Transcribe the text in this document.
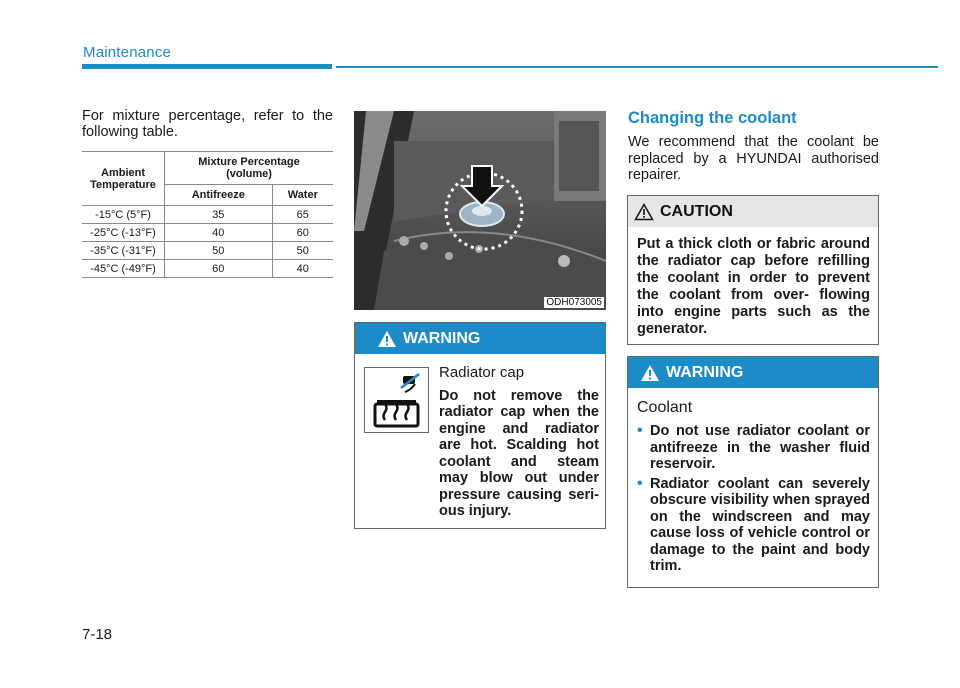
Maintenance
For mixture percentage, refer to the following table.
Ambient Temperature	Mixture Percentage (volume)	
	Antifreeze	Water
-15°C (5°F)	35	65
-25°C (-13°F)	40	60
-35°C (-31°F)	50	50
-45°C (-49°F)	60	40
ODH073005
WARNING
Radiator cap
Do not remove the radiator cap when the engine and radiator are hot. Scalding hot coolant and steam may blow out under pressure causing seri- ous injury.
Changing the coolant
We recommend that the coolant be replaced by a HYUNDAI authorised repairer.
CAUTION
Put a thick cloth or fabric around the radiator cap before refilling the coolant in order to prevent the coolant from over- flowing into engine parts such as the generator.
WARNING
Coolant
• Do not use radiator coolant or antifreeze in the washer fluid reservoir.
• Radiator coolant can severely obscure visibility when sprayed on the windscreen and may cause loss of vehicle control or damage to the paint and body trim.
7-18
